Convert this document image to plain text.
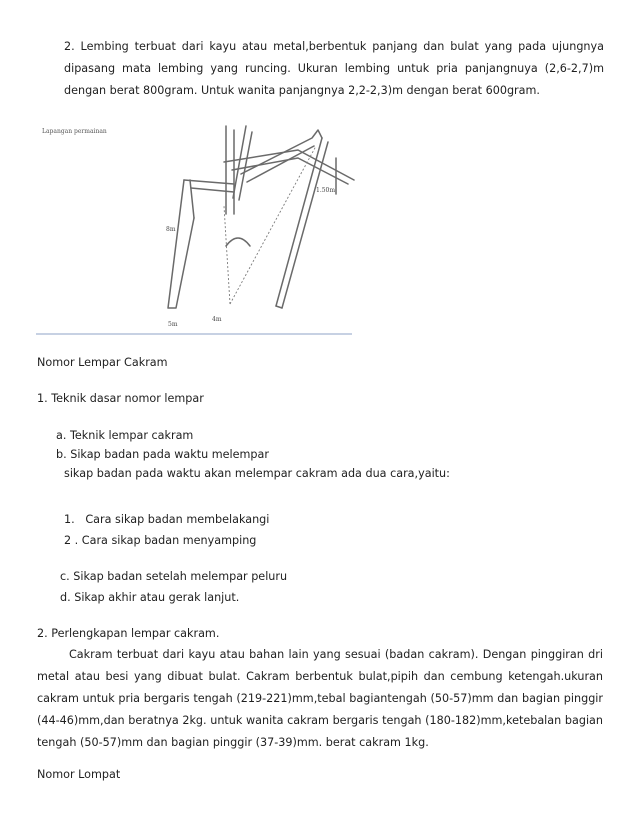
2. Lembing terbuat dari kayu atau metal,berbentuk panjang dan bulat yang pada ujungnya

dipasang mata lembing yang runcing. Ukuran lembing untuk pria panjangnuya (2,6-2,7)m

dengan berat 800gram. Untuk wanita panjangnya 2,2-2,3)m dengan berat 600gram.

Lapangan permainan
1.50m
8m
4m
5m
Nomor Lempar Cakram
1. Teknik dasar nomor lempar
a. Teknik lempar cakram
b. Sikap badan pada waktu melempar
sikap badan pada waktu akan melempar cakram ada dua cara,yaitu:
1.   Cara sikap badan membelakangi
2 . Cara sikap badan menyamping
c. Sikap badan setelah melempar peluru
d. Sikap akhir atau gerak lanjut.
2. Perlengkapan lempar cakram.

Cakram terbuat dari kayu atau bahan lain yang sesuai (badan cakram). Dengan pinggiran dri

metal atau besi yang dibuat bulat. Cakram berbentuk bulat,pipih dan cembung ketengah.ukuran

cakram untuk pria bergaris tengah (219-221)mm,tebal bagiantengah (50-57)mm dan bagian pinggir

(44-46)mm,dan beratnya 2kg. untuk wanita cakram bergaris tengah (180-182)mm,ketebalan bagian

tengah (50-57)mm dan bagian pinggir (37-39)mm. berat cakram 1kg.

Nomor Lompat
